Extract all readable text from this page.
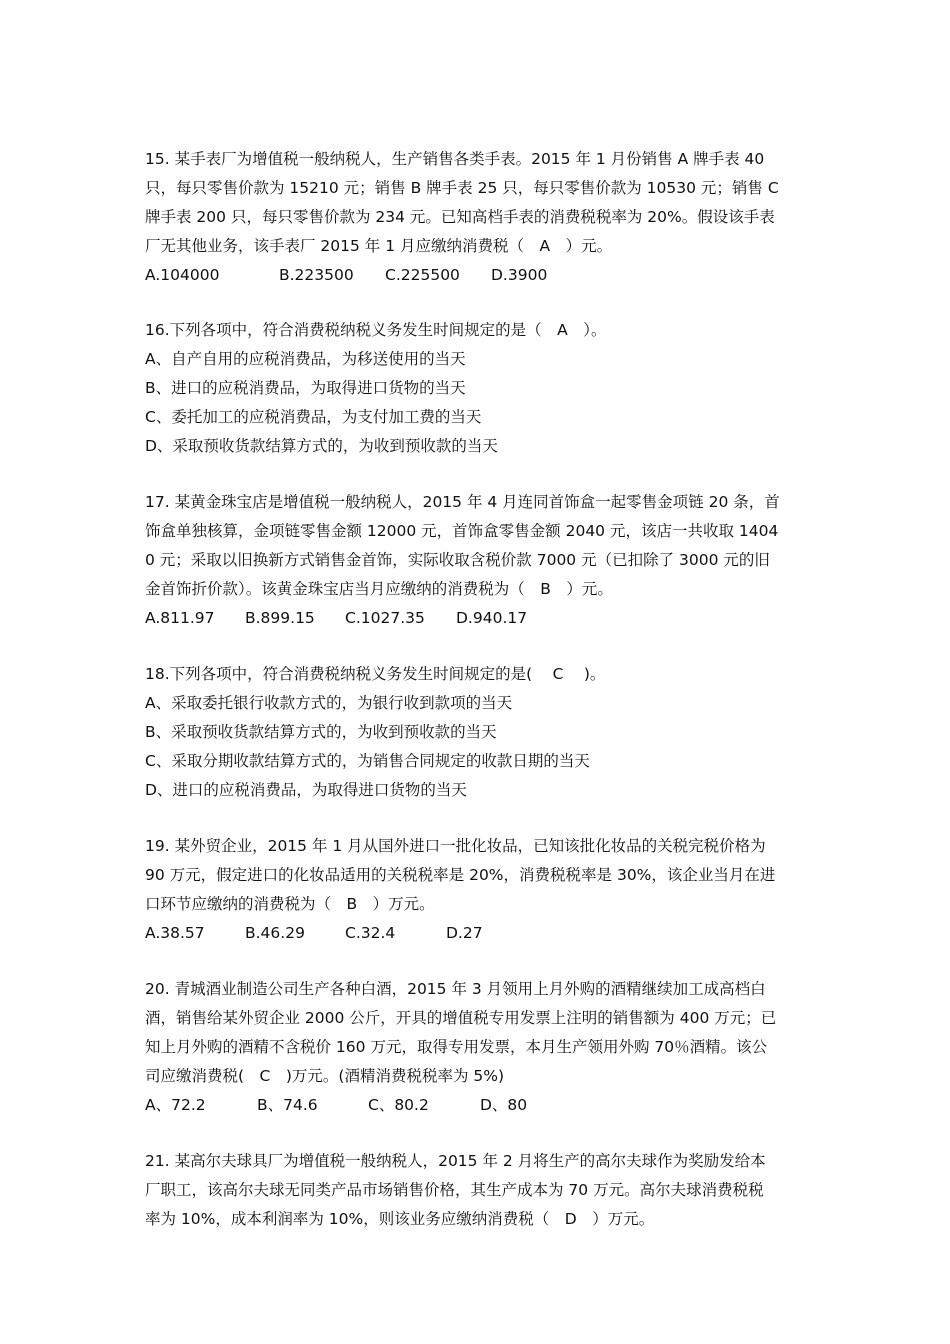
15. 某手表厂为增值税一般纳税人，生产销售各类手表。2015 年 1 月份销售 A 牌手表 40
只，每只零售价款为 15210 元；销售 B 牌手表 25 只，每只零售价款为 10530 元；销售 C
牌手表 200 只，每只零售价款为 234 元。已知高档手表的消费税税率为 20%。假设该手表
厂无其他业务，该手表厂 2015 年 1 月应缴纳消费税（　A　）元。
A.104000	B.223500 C.225500 D.3900
16.下列各项中，符合消费税纳税义务发生时间规定的是（　A　）。
A、自产自用的应税消费品，为移送使用的当天
B、进口的应税消费品，为取得进口货物的当天
C、委托加工的应税消费品，为支付加工费的当天
D、采取预收货款结算方式的，为收到预收款的当天
17. 某黄金珠宝店是增值税一般纳税人，2015 年 4 月连同首饰盒一起零售金项链 20 条，首
饰盒单独核算，金项链零售金额 12000 元，首饰盒零售金额 2040 元，该店一共收取 1404
0 元；采取以旧换新方式销售金首饰，实际收取含税价款 7000 元（已扣除了 3000 元的旧
金首饰折价款）。该黄金珠宝店当月应缴纳的消费税为（　B　）元。
A.811.97 B.899.15 C.1027.35 D.940.17
18.下列各项中，符合消费税纳税义务发生时间规定的是(　 C　 )。
A、采取委托银行收款方式的，为银行收到款项的当天
B、采取预收货款结算方式的，为收到预收款的当天
C、采取分期收款结算方式的，为销售合同规定的收款日期的当天
D、进口的应税消费品，为取得进口货物的当天
19. 某外贸企业，2015 年 1 月从国外进口一批化妆品，已知该批化妆品的关税完税价格为
90 万元，假定进口的化妆品适用的关税税率是 20%，消费税税率是 30%，该企业当月在进
口环节应缴纳的消费税为（　B　）万元。
A.38.57	B.46.29	C.32.4	D.27
20. 青城酒业制造公司生产各种白酒，2015 年 3 月领用上月外购的酒精继续加工成高档白
酒，销售给某外贸企业 2000 公斤，开具的增值税专用发票上注明的销售额为 400 万元；已
知上月外购的酒精不含税价 160 万元，取得专用发票，本月生产领用外购 70％酒精。该公
司应缴消费税(　C　)万元。(酒精消费税税率为 5%)
A、72.2	B、74.6	C、80.2	D、80
21. 某高尔夫球具厂为增值税一般纳税人，2015 年 2 月将生产的高尔夫球作为奖励发给本
厂职工，该高尔夫球无同类产品市场销售价格，其生产成本为 70 万元。高尔夫球消费税税
率为 10%，成本利润率为 10%，则该业务应缴纳消费税（　D　）万元。
